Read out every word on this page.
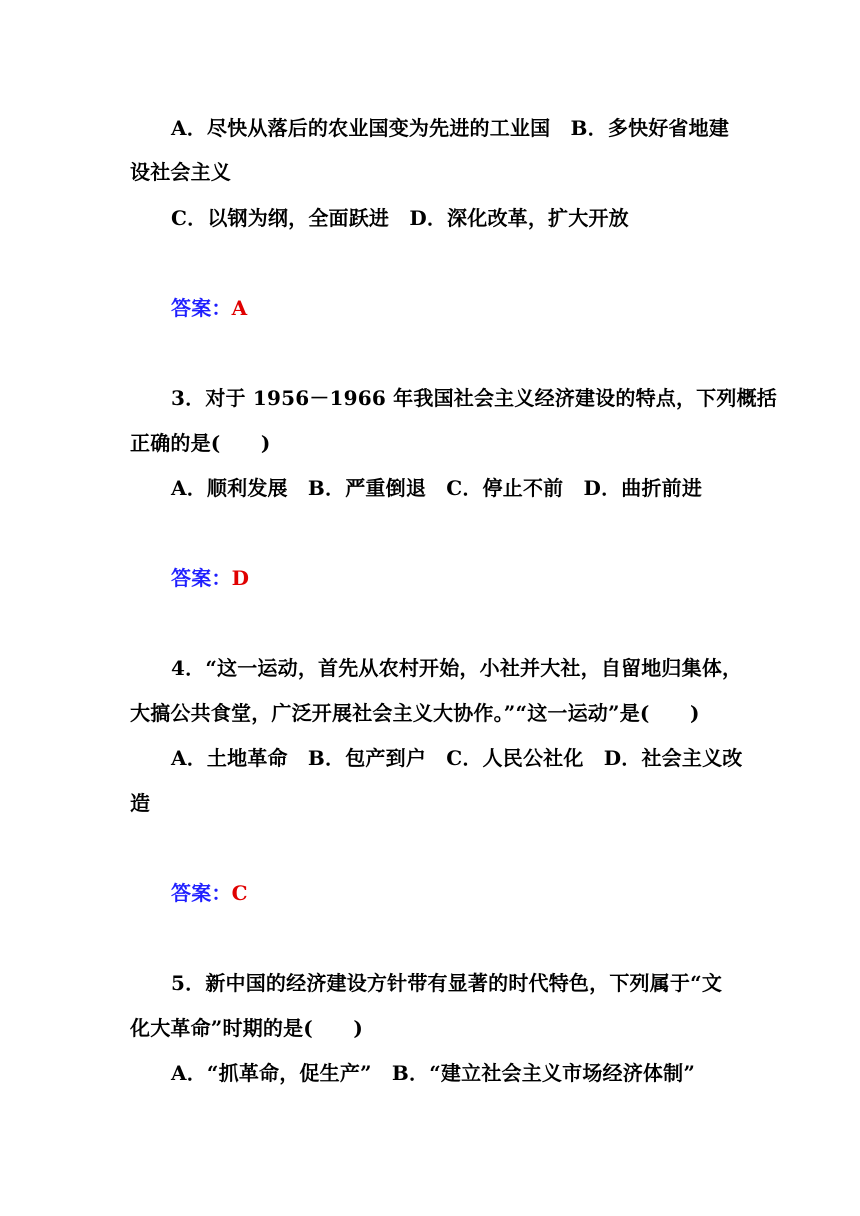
A．尽快从落后的农业国变为先进的工业国　B．多快好省地建
设社会主义
C．以钢为纲，全面跃进　D．深化改革，扩大开放
答案：A
3．对于 1956－1966 年我国社会主义经济建设的特点，下列概括
正确的是(　　)
A．顺利发展　B．严重倒退　C．停止不前　D．曲折前进
答案：D
4．“这一运动，首先从农村开始，小社并大社，自留地归集体，
大搞公共食堂，广泛开展社会主义大协作。”“这一运动”是(　　)
A．土地革命　B．包产到户　C．人民公社化　D．社会主义改
造
答案：C
5．新中国的经济建设方针带有显著的时代特色，下列属于“文
化大革命”时期的是(　　)
A．“抓革命，促生产”　B．“建立社会主义市场经济体制”
